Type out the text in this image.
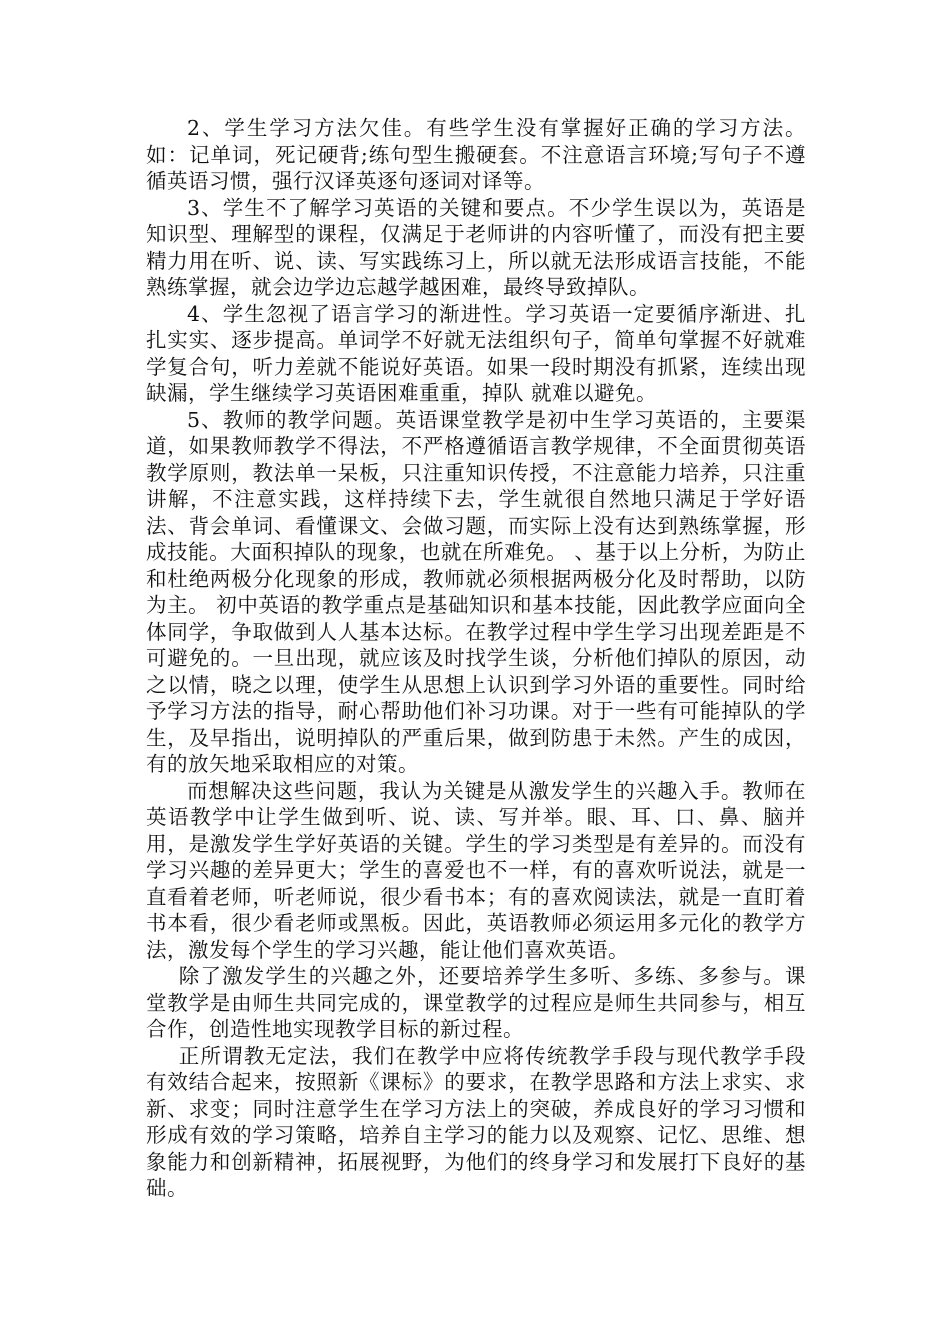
2、学生学习方法欠佳。有些学生没有掌握好正确的学习方法。如：记单词，死记硬背;练句型生搬硬套。不注意语言环境;写句子不遵循英语习惯，强行汉译英逐句逐词对译等。

3、学生不了解学习英语的关键和要点。不少学生误以为，英语是知识型、理解型的课程，仅满足于老师讲的内容听懂了，而没有把主要精力用在听、说、读、写实践练习上，所以就无法形成语言技能，不能熟练掌握，就会边学边忘越学越困难，最终导致掉队。

4、学生忽视了语言学习的渐进性。学习英语一定要循序渐进、扎扎实实、逐步提高。单词学不好就无法组织句子，简单句掌握不好就难学复合句，听力差就不能说好英语。如果一段时期没有抓紧，连续出现缺漏，学生继续学习英语困难重重，掉队 就难以避免。

5、教师的教学问题。英语课堂教学是初中生学习英语的，主要渠道，如果教师教学不得法，不严格遵循语言教学规律，不全面贯彻英语教学原则，教法单一呆板，只注重知识传授，不注意能力培养，只注重讲解，不注意实践，这样持续下去，学生就很自然地只满足于学好语法、背会单词、看懂课文、会做习题，而实际上没有达到熟练掌握，形成技能。大面积掉队的现象，也就在所难免。 、基于以上分析，为防止和杜绝两极分化现象的形成，教师就必须根据两极分化及时帮助，以防为主。 初中英语的教学重点是基础知识和基本技能，因此教学应面向全体同学，争取做到人人基本达标。在教学过程中学生学习出现差距是不可避免的。一旦出现，就应该及时找学生谈，分析他们掉队的原因，动之以情，晓之以理，使学生从思想上认识到学习外语的重要性。同时给予学习方法的指导，耐心帮助他们补习功课。对于一些有可能掉队的学生，及早指出，说明掉队的严重后果，做到防患于未然。产生的成因，有的放矢地采取相应的对策。

而想解决这些问题，我认为关键是从激发学生的兴趣入手。教师在英语教学中让学生做到听、说、读、写并举。眼、耳、口、鼻、脑并用，是激发学生学好英语的关键。学生的学习类型是有差异的。而没有学习兴趣的差异更大；学生的喜爱也不一样，有的喜欢听说法，就是一直看着老师，听老师说，很少看书本；有的喜欢阅读法，就是一直盯着书本看，很少看老师或黑板。因此，英语教师必须运用多元化的教学方法，激发每个学生的学习兴趣，能让他们喜欢英语。

除了激发学生的兴趣之外，还要培养学生多听、多练、多参与。课堂教学是由师生共同完成的，课堂教学的过程应是师生共同参与，相互合作，创造性地实现教学目标的新过程。

正所谓教无定法，我们在教学中应将传统教学手段与现代教学手段有效结合起来，按照新《课标》的要求，在教学思路和方法上求实、求新、求变；同时注意学生在学习方法上的突破，养成良好的学习习惯和形成有效的学习策略，培养自主学习的能力以及观察、记忆、思维、想象能力和创新精神，拓展视野，为他们的终身学习和发展打下良好的基础。
